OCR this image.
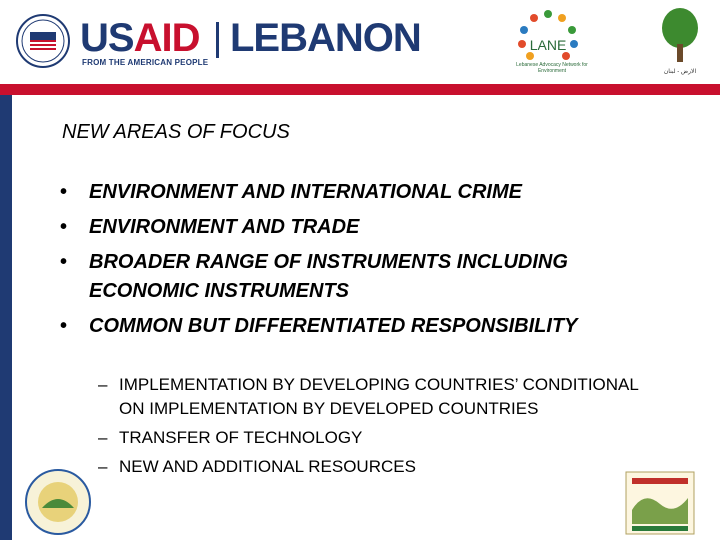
USAID LEBANON
FROM THE AMERICAN PEOPLE
LANE
Lebanese Advocacy Network for Environment	الارض - لبنان
NEW AREAS OF FOCUS
• ENVIRONMENT AND INTERNATIONAL CRIME
• ENVIRONMENT AND TRADE
• BROADER RANGE OF INSTRUMENTS INCLUDING ECONOMIC INSTRUMENTS
• COMMON BUT DIFFERENTIATED RESPONSIBILITY
– IMPLEMENTATION BY DEVELOPING COUNTRIES’ CONDITIONAL ON IMPLEMENTATION BY DEVELOPED COUNTRIES
– TRANSFER OF TECHNOLOGY
– NEW AND ADDITIONAL RESOURCES
